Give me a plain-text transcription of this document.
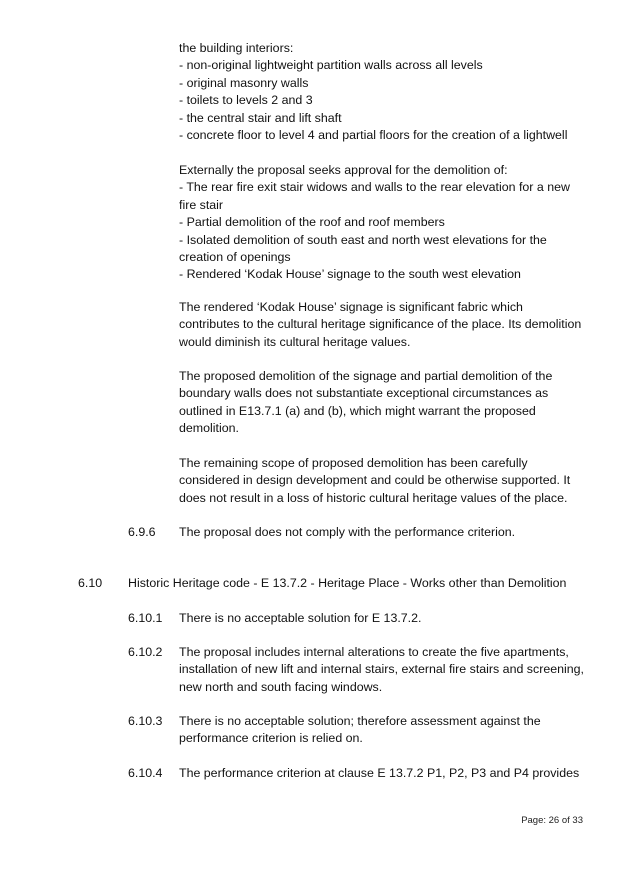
the building interiors:
- non-original lightweight partition walls across all levels
- original masonry walls
- toilets to levels 2 and 3
- the central stair and lift shaft
- concrete floor to level 4 and partial floors for the creation of a lightwell
Externally the proposal seeks approval for the demolition of:
- The rear fire exit stair widows and walls to the rear elevation for a new
fire stair
- Partial demolition of the roof and roof members
- Isolated demolition of south east and north west elevations for the
creation of openings
- Rendered ‘Kodak House’ signage to the south west elevation
The rendered ‘Kodak House’ signage is significant fabric which
contributes to the cultural heritage significance of the place. Its demolition
would diminish its cultural heritage values.
The proposed demolition of the signage and partial demolition of the
boundary walls does not substantiate exceptional circumstances as
outlined in E13.7.1 (a) and (b), which might warrant the proposed
demolition.
The remaining scope of proposed demolition has been carefully
considered in design development and could be otherwise supported. It
does not result in a loss of historic cultural heritage values of the place.
6.9.6 The proposal does not comply with the performance criterion.
6.10 Historic Heritage code - E 13.7.2 - Heritage Place - Works other than Demolition
6.10.1 There is no acceptable solution for E 13.7.2.
6.10.2 The proposal includes internal alterations to create the five apartments,
installation of new lift and internal stairs, external fire stairs and screening,
new north and south facing windows.
6.10.3 There is no acceptable solution; therefore assessment against the
performance criterion is relied on.
6.10.4 The performance criterion at clause E 13.7.2 P1, P2, P3 and P4 provides
Page: 26 of 33
